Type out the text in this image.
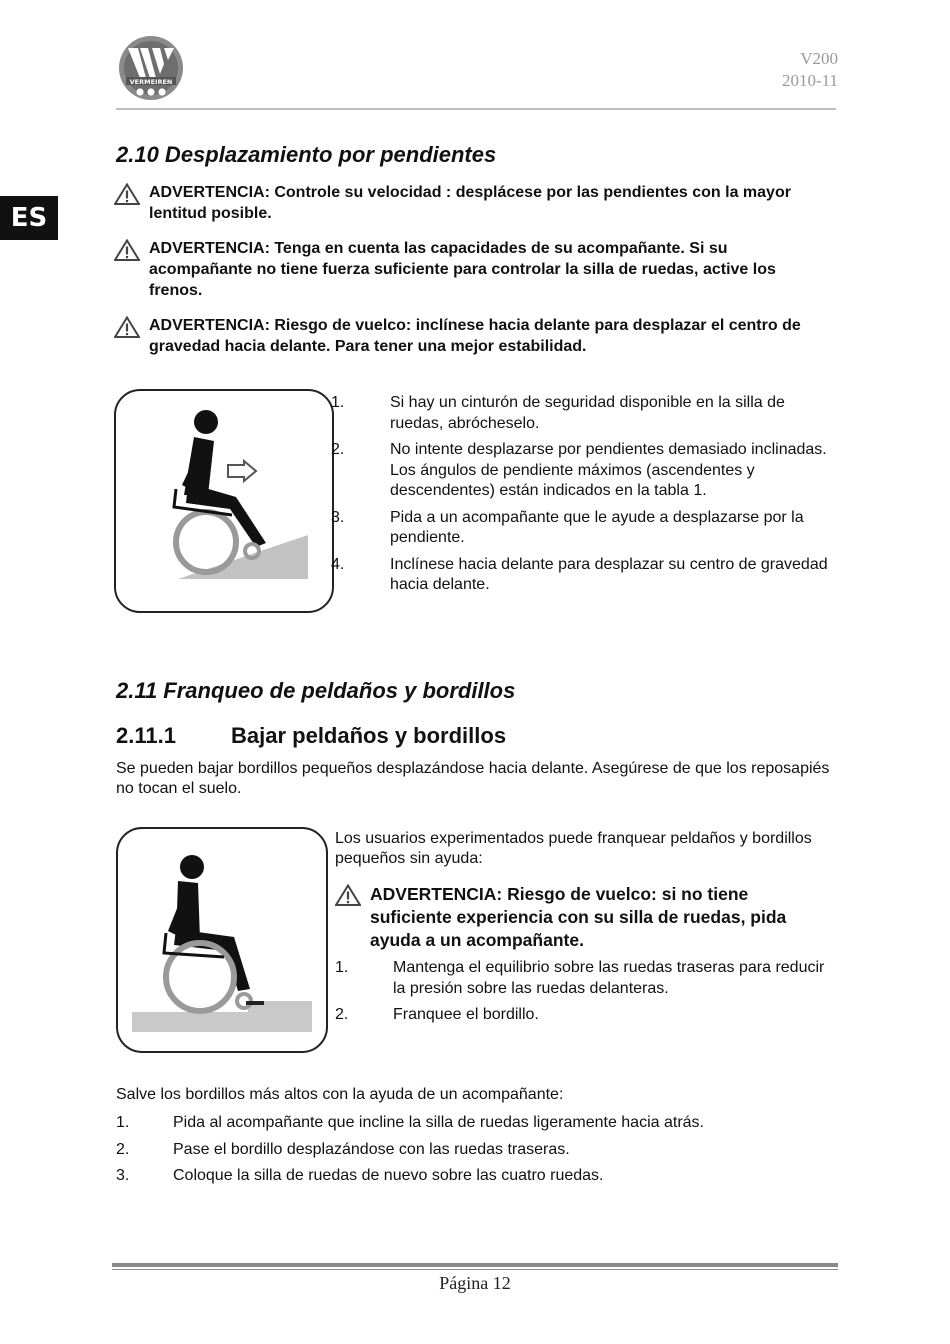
VERMEIREN
V200
2010-11
ES
2.10 Desplazamiento por pendientes
ADVERTENCIA: Controle su velocidad : desplácese por las pendientes con la mayor lentitud posible.
ADVERTENCIA: Tenga en cuenta las capacidades de su acompañante. Si su acompañante no tiene fuerza suficiente para controlar la silla de ruedas, active los frenos.
ADVERTENCIA: Riesgo de vuelco: inclínese hacia delante para desplazar el centro de gravedad hacia delante. Para tener una mejor estabilidad.
1.	Si hay un cinturón de seguridad disponible en la silla de ruedas, abrócheselo.
2.	No intente desplazarse por pendientes demasiado inclinadas. Los ángulos de pendiente máximos (ascendentes y descendentes) están indicados en la tabla 1.
3.	Pida a un acompañante que le ayude a desplazarse por la pendiente.
4.	Inclínese hacia delante para desplazar su centro de gravedad hacia delante.
2.11 Franqueo de peldaños y bordillos
2.11.1	Bajar peldaños y bordillos
Se pueden bajar bordillos pequeños desplazándose hacia delante. Asegúrese de que los reposapiés no tocan el suelo.
Los usuarios experimentados puede franquear peldaños y bordillos pequeños sin ayuda:
ADVERTENCIA: Riesgo de vuelco: si no tiene suficiente experiencia con su silla de ruedas, pida ayuda a un acompañante.
1.	Mantenga el equilibrio sobre las ruedas traseras para reducir la presión sobre las ruedas delanteras.
2.	Franquee el bordillo.
Salve los bordillos más altos con la ayuda de un acompañante:
1.	Pida al acompañante que incline la silla de ruedas ligeramente hacia atrás.
2.	Pase el bordillo desplazándose con las ruedas traseras.
3.	Coloque la silla de ruedas de nuevo sobre las cuatro ruedas.
Página 12
